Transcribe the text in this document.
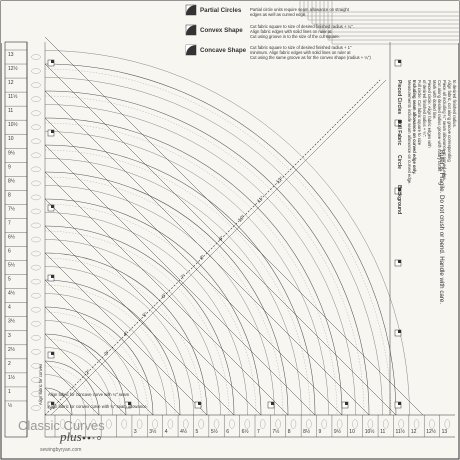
13
12½
12
11½
11
10½
10
9½
9
8½
8
7½
7
6½
6
5½
5
4½
4
3½
3
2½
2
1½
1
½
3	3½ 4	4½ 5	5½ 6	6½ 7	7½ 8	8½ 9	9½ 10 10½ 11 11½ 12 12½ 13
Partial Circles Partial circle units require seam allowance on straight
edges as well as curved edge.
Convex Shape
Cut fabric square to size of desired finished radius + ¼".
Align fabric edges with solid lines on ruler at
Cut using groove in to the size of the cut square.
Concave Shape Cut fabric square to size of desired finished radius + 1"
minimum. Align fabric edges with solid lines on ruler at
Cut using the same groove as for the convex shape (radius + ¼")
Pieced Circles
Full Fabric
Circle
Background
Measurements include seam allowance on curved edge. Including seam allowance on curved edge only. Full circle: Cut fabric square to size of desired finished radius + ¼". Pieced circle: Align fabric edges with Mark with dotted line. Cut along desired radius groove with rotary cutter. Piece all including ¼" seam allowance at curved edge. Align fabric, cut along groove corresponding to desired finished radius.
Ruler is Fragile. Do not crush or bend. Handle with care.
Align fabric for convex curve with ¼" seam allowance
Align fabric for concave curve with ¼" seam
Align fabric for convex	2"
3"
4"
5"
6"
7"
8"
9"
10"
11"
12"
Classic Curves
plus ×
sewingbyryan.com
